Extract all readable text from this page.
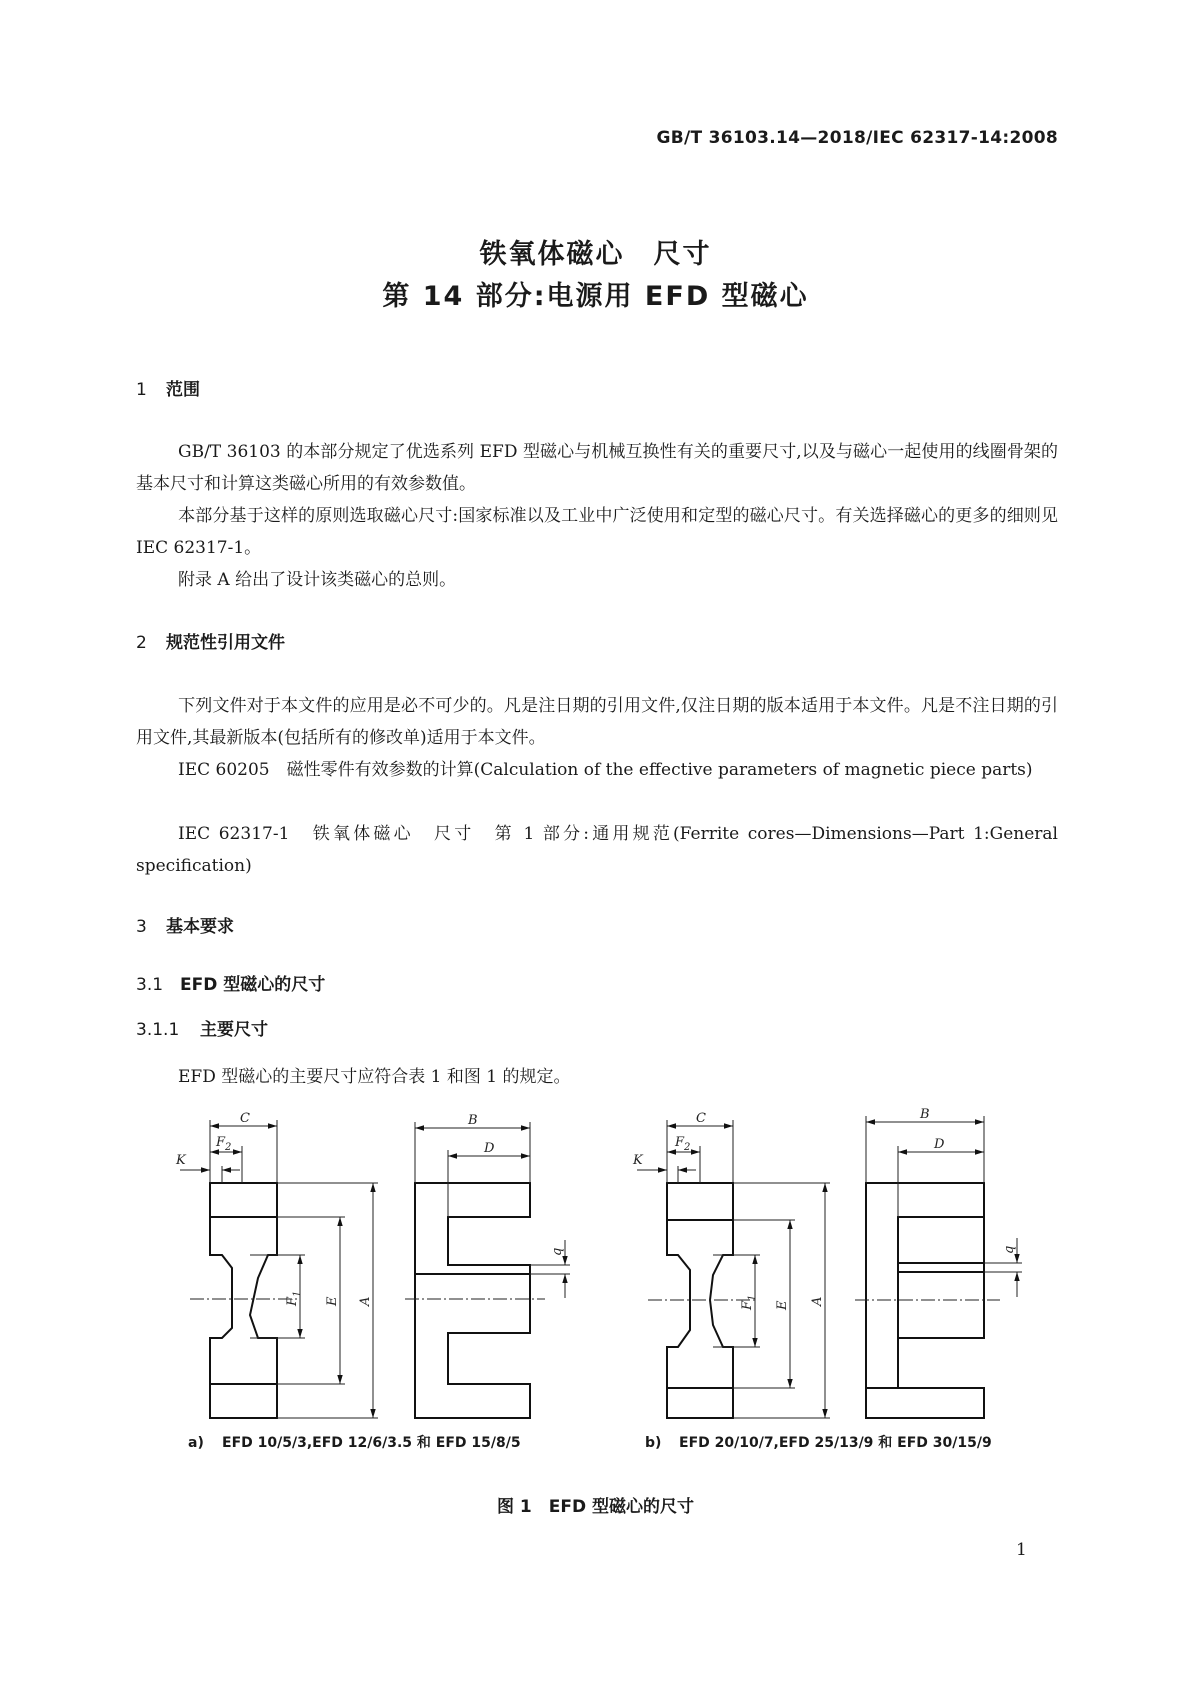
GB/T 36103.14—2018/IEC 62317-14:2008
铁氧体磁心　尺寸
第 14 部分:电源用 EFD 型磁心
1 范围
GB/T 36103 的本部分规定了优选系列 EFD 型磁心与机械互换性有关的重要尺寸,以及与磁心一起使用的线圈骨架的基本尺寸和计算这类磁心所用的有效参数值。
本部分基于这样的原则选取磁心尺寸:国家标准以及工业中广泛使用和定型的磁心尺寸。有关选择磁心的更多的细则见 IEC 62317-1。
附录 A 给出了设计该类磁心的总则。
2 规范性引用文件
下列文件对于本文件的应用是必不可少的。凡是注日期的引用文件,仅注日期的版本适用于本文件。凡是不注日期的引用文件,其最新版本(包括所有的修改单)适用于本文件。
IEC 60205　磁性零件有效参数的计算(Calculation of the effective parameters of magnetic piece parts)
IEC 62317-1　铁氧体磁心　尺寸　第 1 部分:通用规范(Ferrite cores—Dimensions—Part 1:General specification)
3 基本要求
3.1 EFD 型磁心的尺寸
3.1.1 主要尺寸
EFD 型磁心的主要尺寸应符合表 1 和图 1 的规定。
C
$F_2$
K
$F_1$
E A
B
D
q
C
$F_2$
K
$F_1$
E A
B
D
q
a) EFD 10/5/3,EFD 12/6/3.5 和 EFD 15/8/5	b) EFD 20/10/7,EFD 25/13/9 和 EFD 30/15/9
图 1　EFD 型磁心的尺寸
1
